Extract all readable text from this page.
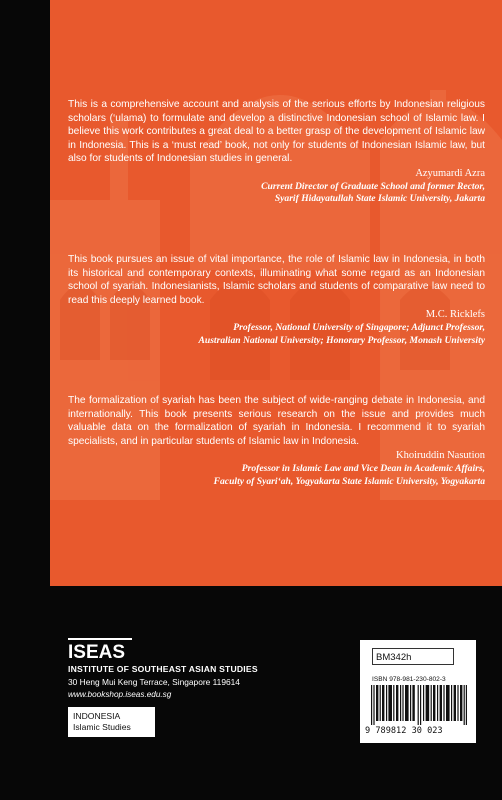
This is a comprehensive account and analysis of the serious efforts by Indonesian religious scholars (‘ulama) to formulate and develop a distinctive Indonesian school of Islamic law. I believe this work contributes a great deal to a better grasp of the development of Islamic law in Indonesia. This is a ‘must read’ book, not only for students of Indonesian Islamic law, but also for students of Indonesian studies in general.

Azyumardi Azra
Current Director of Graduate School and former Rector,
Syarif Hidayatullah State Islamic University, Jakarta

This book pursues an issue of vital importance, the role of Islamic law in Indonesia, in both its historical and contemporary contexts, illuminating what some regard as an Indonesian school of syariah. Indonesianists, Islamic scholars and students of comparative law need to read this deeply learned book.

M.C. Ricklefs
Professor, National University of Singapore; Adjunct Professor,
Australian National University; Honorary Professor, Monash University

The formalization of syariah has been the subject of wide-ranging debate in Indonesia, and internationally. This book presents serious research on the issue and provides much valuable data on the formalization of syariah in Indonesia. I recommend it to syariah specialists, and in particular students of Islamic law in Indonesia.

Khoiruddin Nasution
Professor in Islamic Law and Vice Dean in Academic Affairs,
Faculty of Syari‘ah, Yogyakarta State Islamic University, Yogyakarta
ISEAS
INSTITUTE OF SOUTHEAST ASIAN STUDIES
30 Heng Mui Keng Terrace, Singapore 119614
www.bookshop.iseas.edu.sg
INDONESIA
Islamic Studies
BM342h
ISBN 978-981-230-802-3
9 789812 30 023
